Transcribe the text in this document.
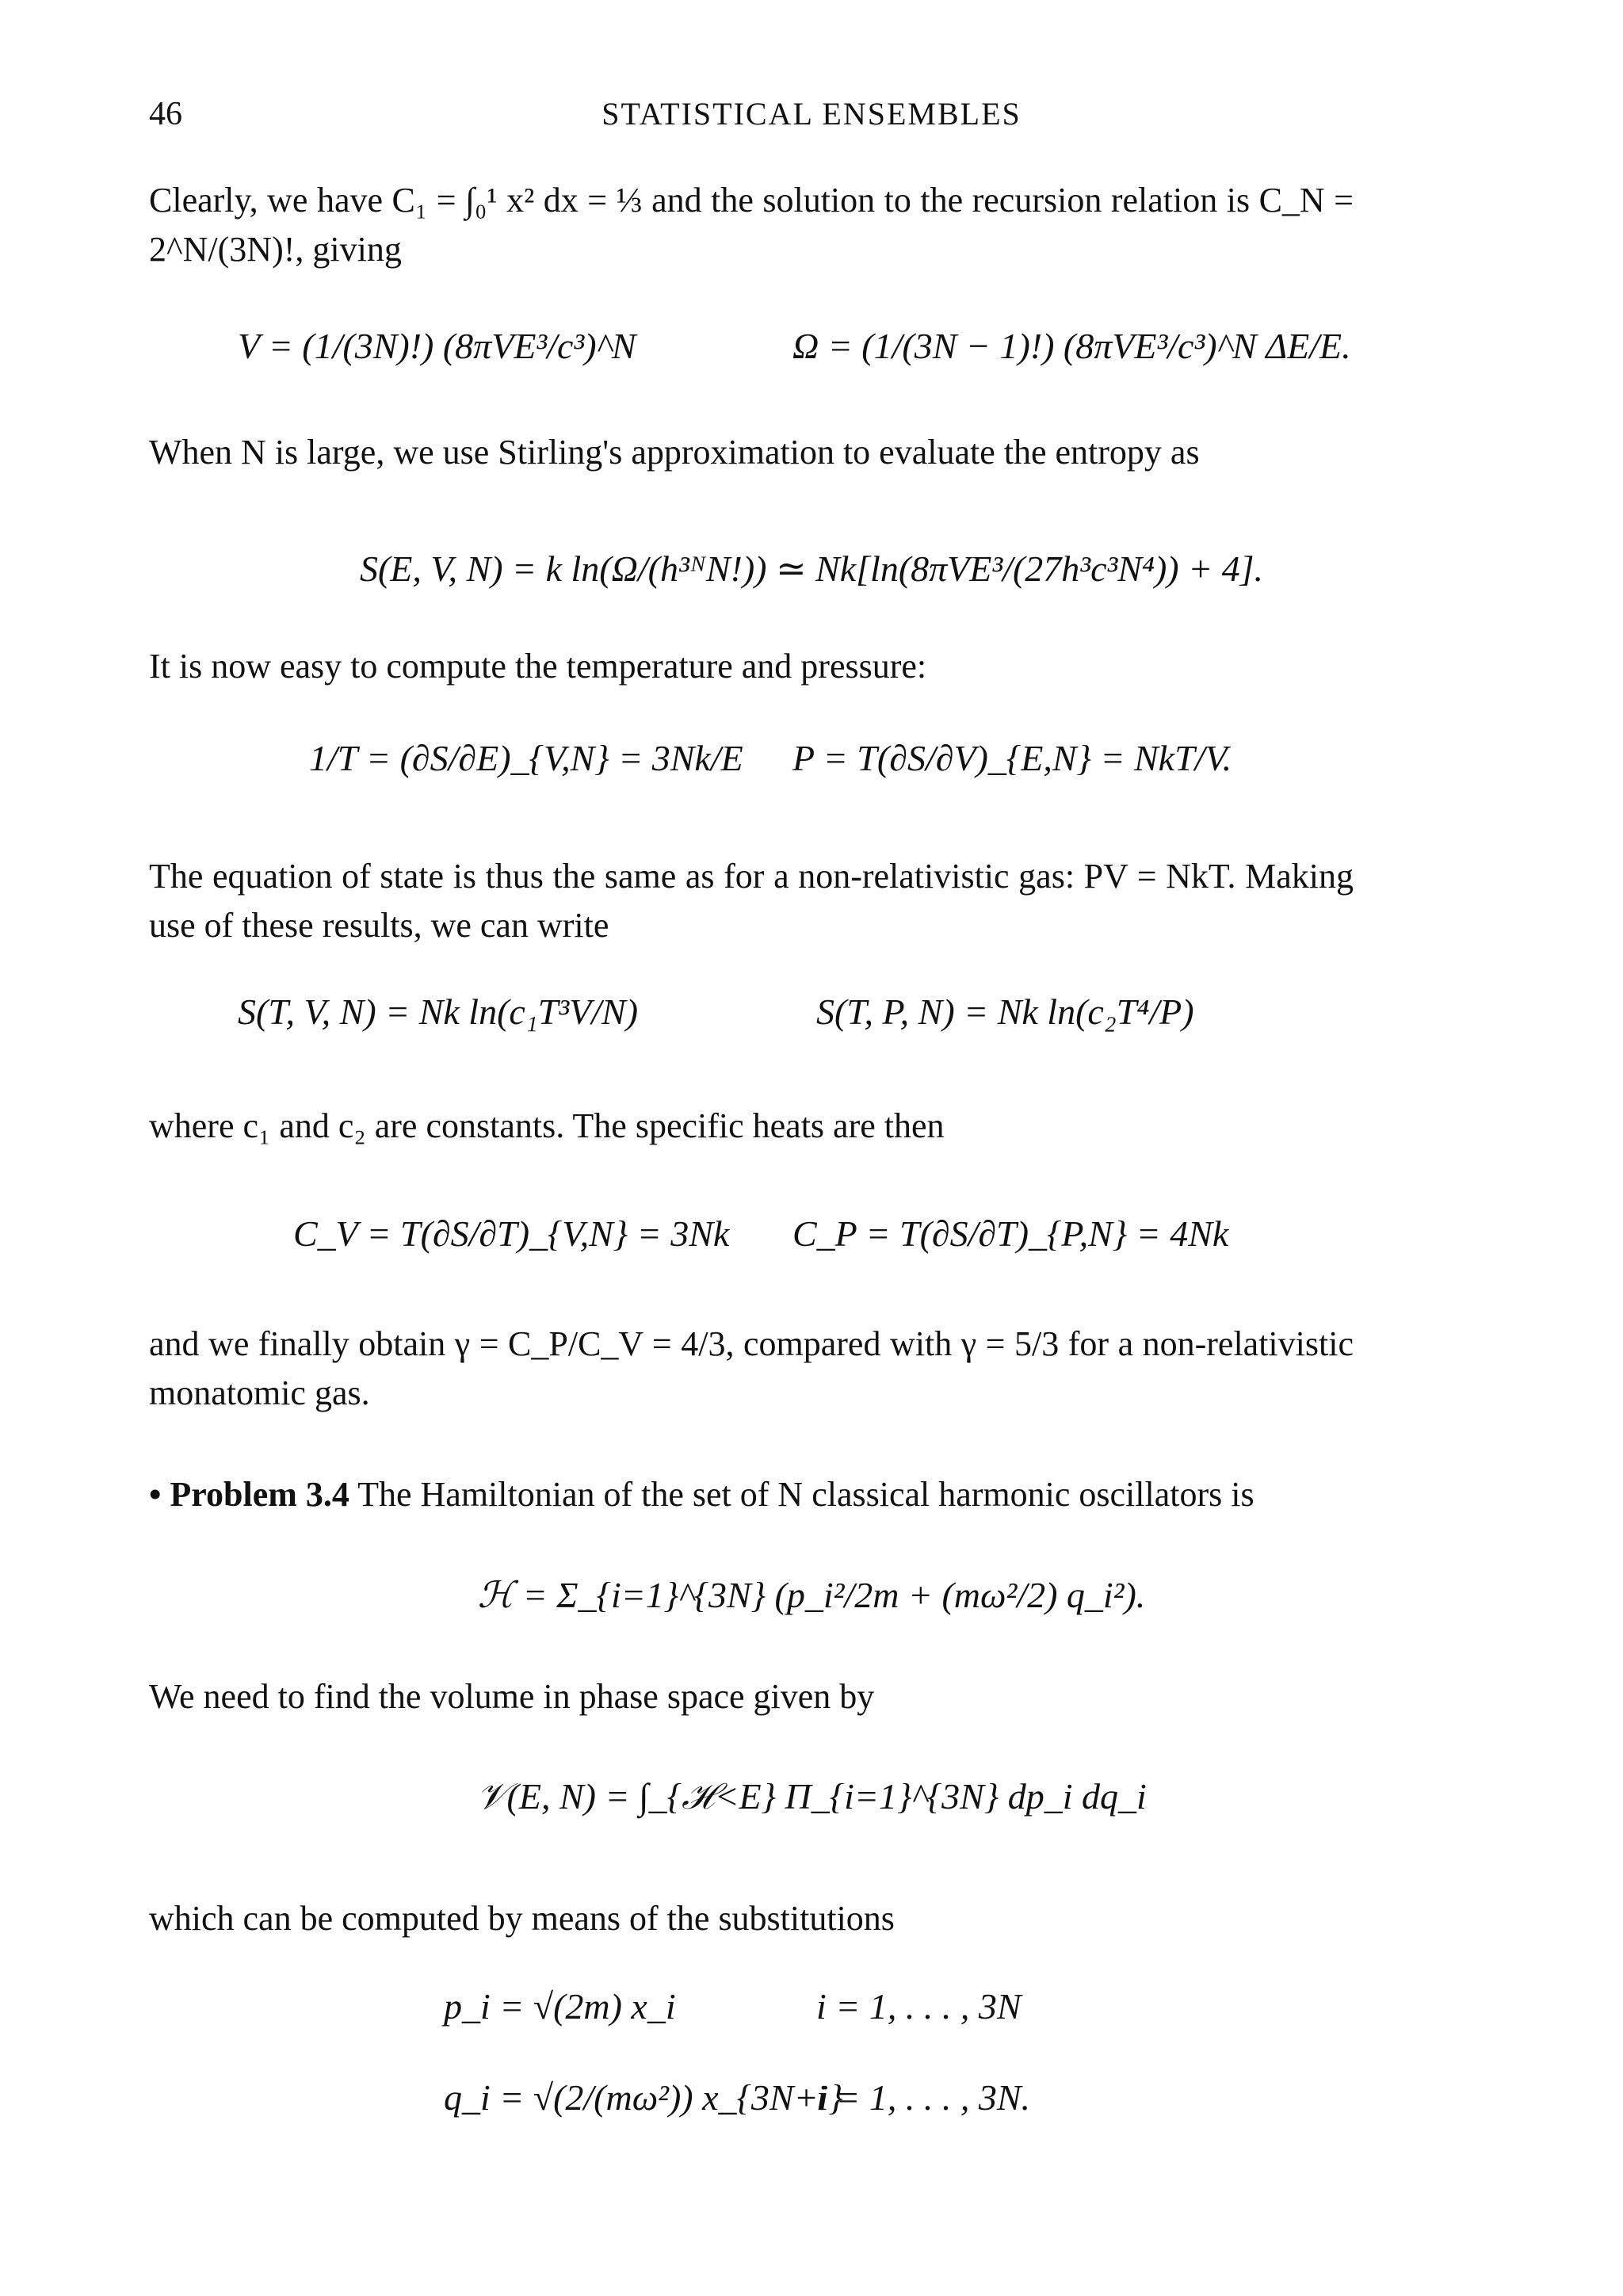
46	STATISTICAL ENSEMBLES
Clearly, we have C₁ = ∫₀¹ x² dx = ⅓ and the solution to the recursion relation is C_N = 2^N/(3N)!, giving
V = (1/(3N)!) (8πVE³/c³)^N	Ω = (1/(3N − 1)!) (8πVE³/c³)^N ΔE/E.
When N is large, we use Stirling's approximation to evaluate the entropy as
S(E, V, N) = k ln(Ω/(h³ᴺN!)) ≃ Nk[ln(8πVE³/(27h³c³N⁴)) + 4].
It is now easy to compute the temperature and pressure:
1/T = (∂S/∂E)_{V,N} = 3Nk/E P = T(∂S/∂V)_{E,N} = NkT/V.
The equation of state is thus the same as for a non-relativistic gas: PV = NkT. Making use of these results, we can write
S(T, V, N) = Nk ln(c₁T³V/N)	S(T, P, N) = Nk ln(c₂T⁴/P)
where c₁ and c₂ are constants. The specific heats are then
C_V = T(∂S/∂T)_{V,N} = 3Nk C_P = T(∂S/∂T)_{P,N} = 4Nk
and we finally obtain γ = C_P/C_V = 4/3, compared with γ = 5/3 for a non-relativistic monatomic gas.
• Problem 3.4 The Hamiltonian of the set of N classical harmonic oscillators is
ℋ = Σ_{i=1}^{3N} (p_i²/2m + (mω²/2) q_i²).
We need to find the volume in phase space given by
𝒱(E, N) = ∫_{ℋ<E} Π_{i=1}^{3N} dp_i dq_i
which can be computed by means of the substitutions
p_i = √(2m) x_i	i = 1, . . . , 3N
q_i = √(2/(mω²)) x_{3N+i}
i = 1, . . . , 3N.
